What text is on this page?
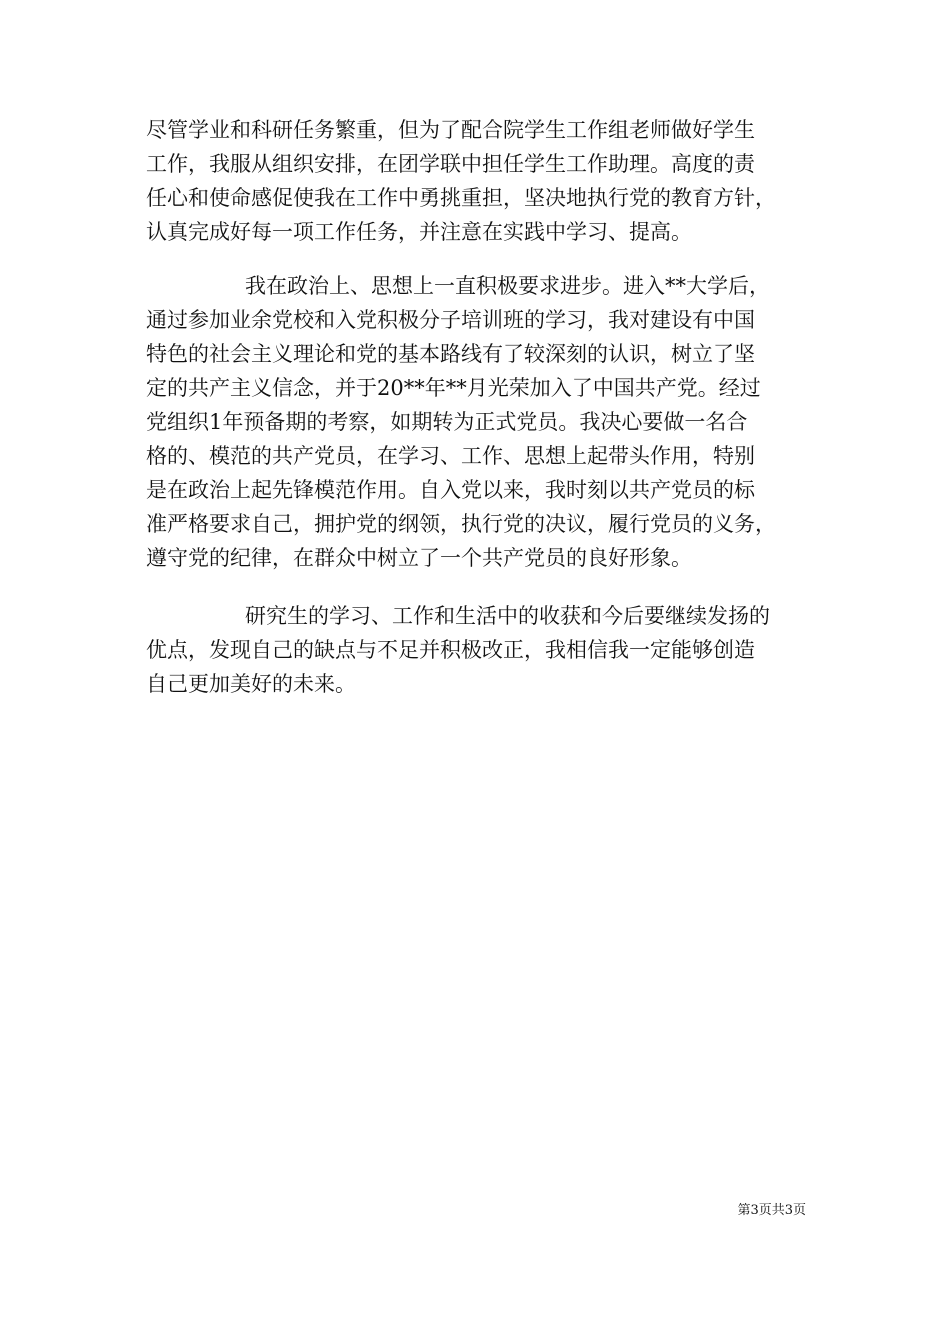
尽管学业和科研任务繁重，但为了配合院学生工作组老师做好学生
工作，我服从组织安排，在团学联中担任学生工作助理。高度的责
任心和使命感促使我在工作中勇挑重担，坚决地执行党的教育方针，
认真完成好每一项工作任务，并注意在实践中学习、提高。
我在政治上、思想上一直积极要求进步。进入**大学后，
通过参加业余党校和入党积极分子培训班的学习，我对建设有中国
特色的社会主义理论和党的基本路线有了较深刻的认识，树立了坚
定的共产主义信念，并于20**年**月光荣加入了中国共产党。经过
党组织1年预备期的考察，如期转为正式党员。我决心要做一名合
格的、模范的共产党员，在学习、工作、思想上起带头作用，特别
是在政治上起先锋模范作用。自入党以来，我时刻以共产党员的标
准严格要求自己，拥护党的纲领，执行党的决议，履行党员的义务，
遵守党的纪律，在群众中树立了一个共产党员的良好形象。
研究生的学习、工作和生活中的收获和今后要继续发扬的
优点，发现自己的缺点与不足并积极改正，我相信我一定能够创造
自己更加美好的未来。
第3页共3页
